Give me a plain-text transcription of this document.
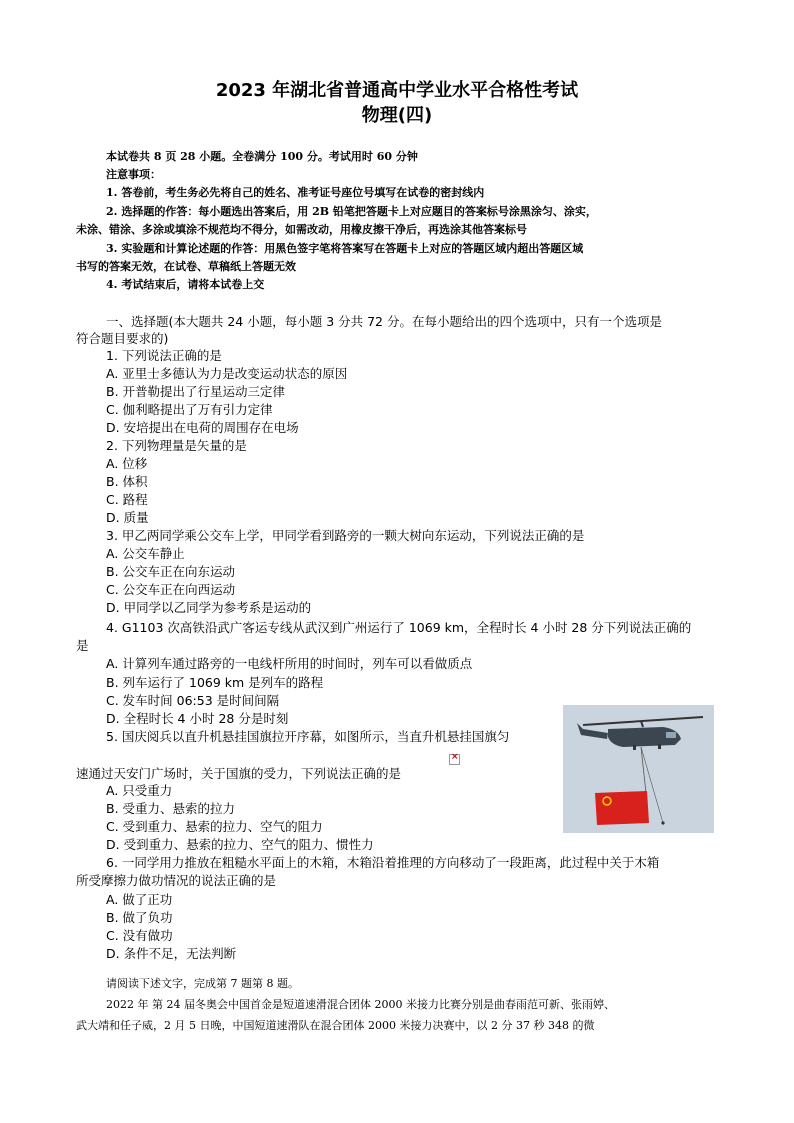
2023 年湖北省普通高中学业水平合格性考试
物理(四)
本试卷共 8 页 28 小题。全卷满分 100 分。考试用时 60 分钟
注意事项：
1. 答卷前，考生务必先将自己的姓名、准考证号座位号填写在试卷的密封线内
2. 选择题的作答：每小题选出答案后，用 2B 铅笔把答题卡上对应题目的答案标号涂黑涂匀、涂实，
未涂、错涂、多涂或填涂不规范均不得分，如需改动，用橡皮擦干净后，再选涂其他答案标号
3. 实验题和计算论述题的作答：用黑色签字笔将答案写在答题卡上对应的答题区域内超出答题区域
书写的答案无效，在试卷、草稿纸上答题无效
4. 考试结束后，请将本试卷上交
一、选择题(本大题共 24 小题，每小题 3 分共 72 分。在每小题给出的四个选项中，只有一个选项是
符合题目要求的)
1. 下列说法正确的是
A. 亚里士多德认为力是改变运动状态的原因
B. 开普勒提出了行星运动三定律
C. 伽利略提出了万有引力定律
D. 安培提出在电荷的周围存在电场
2. 下列物理量是矢量的是
A. 位移
B. 体积
C. 路程
D. 质量
3. 甲乙两同学乘公交车上学，甲同学看到路旁的一颗大树向东运动，下列说法正确的是
A. 公交车静止
B. 公交车正在向东运动
C. 公交车正在向西运动
D. 甲同学以乙同学为参考系是运动的
4. G1103 次高铁沿武广客运专线从武汉到广州运行了 1069 km，全程时长 4 小时 28 分下列说法正确的
是
A. 计算列车通过路旁的一电线杆所用的时间时，列车可以看做质点
B. 列车运行了 1069 km 是列车的路程
C. 发车时间 06:53 是时间间隔
D. 全程时长 4 小时 28 分是时刻
5. 国庆阅兵以直升机悬挂国旗拉开序幕，如图所示，当直升机悬挂国旗匀
速通过天安门广场时，关于国旗的受力，下列说法正确的是
×
A. 只受重力
B. 受重力、悬索的拉力
C. 受到重力、悬索的拉力、空气的阻力
D. 受到重力、悬索的拉力、空气的阻力、惯性力
6. 一同学用力推放在粗糙水平面上的木箱，木箱沿着推理的方向移动了一段距离，此过程中关于木箱
所受摩擦力做功情况的说法正确的是
A. 做了正功
B. 做了负功
C. 没有做功
D. 条件不足，无法判断
请阅读下述文字，完成第 7 题第 8 题。
2022 年 第 24 届冬奥会中国首金是短道速滑混合团体 2000 米接力比赛分别是曲春雨范可新、张雨婷、
武大靖和任子威，2 月 5 日晚，中国短道速滑队在混合团体 2000 米接力决赛中，以 2 分 37 秒 348 的微
